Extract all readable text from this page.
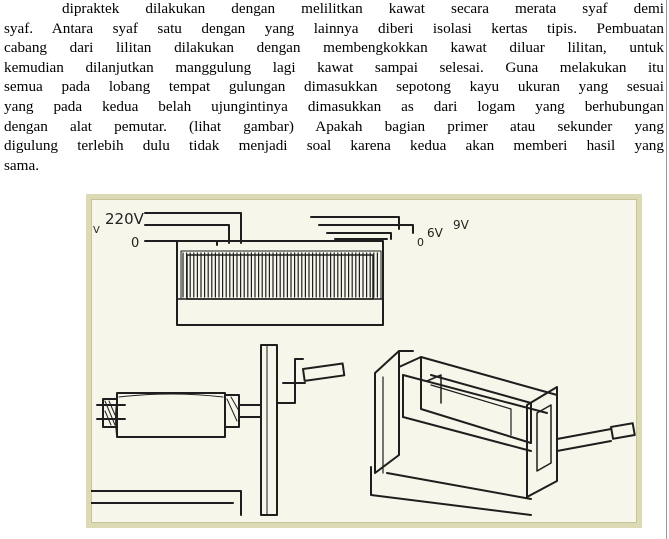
dipraktek dilakukan dengan melilitkan kawat secara merata syaf demi
syaf. Antara syaf satu dengan yang lainnya diberi isolasi kertas tipis. Pembuatan
cabang dari lilitan dilakukan dengan membengkokkan kawat diluar lilitan, untuk
kemudian dilanjutkan manggulung lagi kawat sampai selesai. Guna melakukan itu
semua pada lobang tempat gulungan dimasukkan sepotong kayu ukuran yang sesuai
yang pada kedua belah ujungintinya dimasukkan as dari logam yang berhubungan
dengan alat pemutar. (lihat gambar) Apakah bagian primer atau sekunder yang
digulung terlebih dulu tidak menjadi soal karena kedua akan memberi hasil yang
sama.
220V
V
0	0
6V
9V
